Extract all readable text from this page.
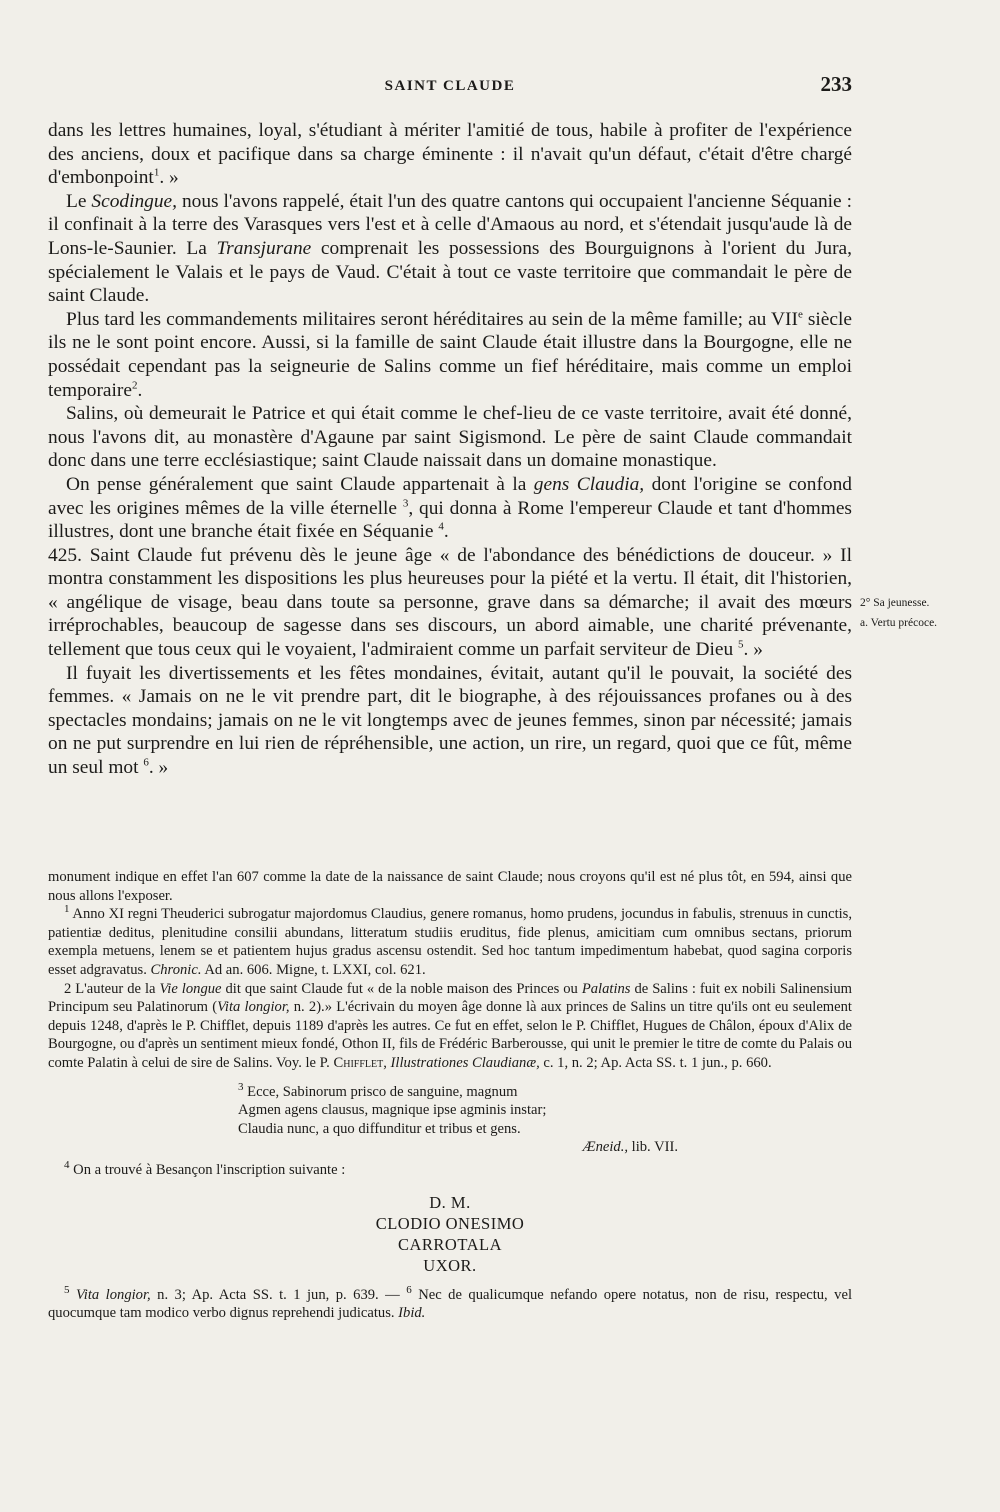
SAINT CLAUDE	233

dans les lettres humaines, loyal, s'étudiant à mériter l'amitié de tous, habile à profiter de l'expérience des anciens, doux et pacifique dans sa charge éminente : il n'avait qu'un défaut, c'était d'être chargé d'embonpoint$^1$. »

Le Scodingue, nous l'avons rappelé, était l'un des quatre cantons qui occupaient l'ancienne Séquanie : il confinait à la terre des Varasques vers l'est et à celle d'Amaous au nord, et s'étendait jusqu'aude là de Lons-le-Saunier. La Transjurane comprenait les possessions des Bourguignons à l'orient du Jura, spécialement le Valais et le pays de Vaud. C'était à tout ce vaste territoire que commandait le père de saint Claude.

Plus tard les commandements militaires seront héréditaires au sein de la même famille; au VIIe siècle ils ne le sont point encore. Aussi, si la famille de saint Claude était illustre dans la Bourgogne, elle ne possédait cependant pas la seigneurie de Salins comme un fief héréditaire, mais comme un emploi temporaire$^2$.

Salins, où demeurait le Patrice et qui était comme le chef-lieu de ce vaste territoire, avait été donné, nous l'avons dit, au monastère d'Agaune par saint Sigismond. Le père de saint Claude commandait donc dans une terre ecclésiastique; saint Claude naissait dans un domaine monastique.

On pense généralement que saint Claude appartenait à la gens Claudia, dont l'origine se confond avec les origines mêmes de la ville éternelle $^3$, qui donna à Rome l'empereur Claude et tant d'hommes illustres, dont une branche était fixée en Séquanie $^4$.

425. Saint Claude fut prévenu dès le jeune âge « de l'abondance des bénédictions de douceur. » Il montra constamment les dispositions les plus heureuses pour la piété et la vertu. Il était, dit l'historien, « angélique de visage, beau dans toute sa personne, grave dans sa démarche; il avait des mœurs irréprochables, beaucoup de sagesse dans ses discours, un abord aimable, une charité prévenante, tellement que tous ceux qui le voyaient, l'admiraient comme un parfait serviteur de Dieu $^5$. »

Il fuyait les divertissements et les fêtes mondaines, évitait, autant qu'il le pouvait, la société des femmes. « Jamais on ne le vit prendre part, dit le biographe, à des réjouissances profanes ou à des spectacles mondains; jamais on ne le vit longtemps avec de jeunes femmes, sinon par nécessité; jamais on ne put surprendre en lui rien de répréhensible, une action, un rire, un regard, quoi que ce fût, même un seul mot $^6$. »

2° Sa jeunesse.
a. Vertu précoce.

monument indique en effet l'an 607 comme la date de la naissance de saint Claude; nous croyons qu'il est né plus tôt, en 594, ainsi que nous allons l'exposer.

$^1$ Anno XI regni Theuderici subrogatur majordomus Claudius, genere romanus, homo prudens, jocundus in fabulis, strenuus in cunctis, patientiæ deditus, plenitudine consilii abundans, litteratum studiis eruditus, fide plenus, amicitiam cum omnibus sectans, priorum exempla metuens, lenem se et patientem hujus gradus ascensu ostendit. Sed hoc tantum impedimentum habebat, quod sagina corporis esset adgravatus. Chronic. Ad an. 606. Migne, t. LXXI, col. 621.

2 L'auteur de la Vie longue dit que saint Claude fut « de la noble maison des Princes ou Palatins de Salins : fuit ex nobili Salinensium Principum seu Palatinorum (Vita longior, n. 2).» L'écrivain du moyen âge donne là aux princes de Salins un titre qu'ils ont eu seulement depuis 1248, d'après le P. Chifflet, depuis 1189 d'après les autres. Ce fut en effet, selon le P. Chifflet, Hugues de Châlon, époux d'Alix de Bourgogne, ou d'après un sentiment mieux fondé, Othon II, fils de Frédéric Barberousse, qui unit le premier le titre de comte du Palais ou comte Palatin à celui de sire de Salins. Voy. le P. Chifflet, Illustrationes Claudianæ, c. 1, n. 2; Ap. Acta SS. t. 1 jun., p. 660.

$^3$ Ecce, Sabinorum prisco de sanguine, magnum
Agmen agens clausus, magnique ipse agminis instar;
Claudia nunc, a quo diffunditur et tribus et gens.
Æneid., lib. VII.

$^4$ On a trouvé à Besançon l'inscription suivante :

D. M.
CLODIO ONESIMO
CARROTALA
UXOR.

$^5$ Vita longior, n. 3; Ap. Acta SS. t. 1 jun, p. 639. — $^6$ Nec de qualicumque nefando opere notatus, non de risu, respectu, vel quocumque tam modico verbo dignus reprehendi judicatus. Ibid.
